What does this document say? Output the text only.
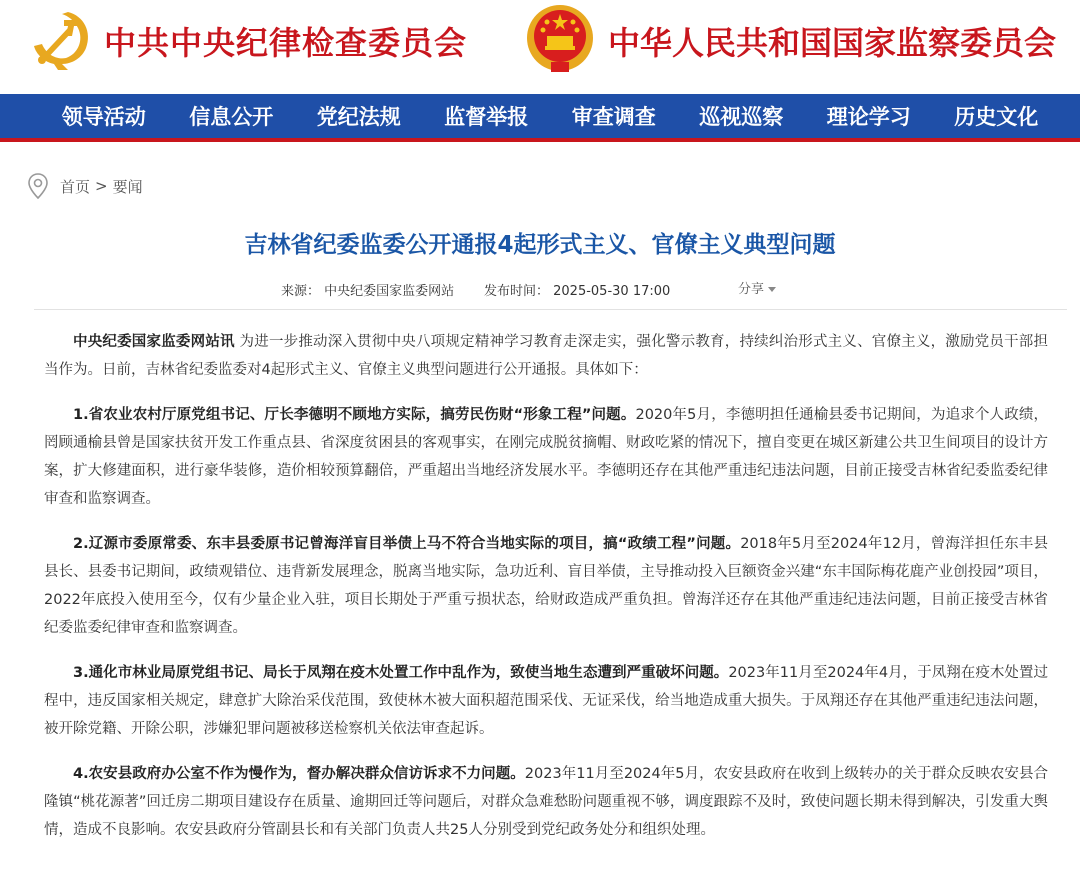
中共中央纪律检查委员会	中华人民共和国国家监察委员会
领导活动	信息公开	党纪法规	监督举报	审查调查	巡视巡察	理论学习	历史文化
首页 > 要闻
吉林省纪委监委公开通报4起形式主义、官僚主义典型问题
来源： 中央纪委国家监委网站 发布时间： 2025-05-30 17:00	分享

中央纪委国家监委网站讯 为进一步推动深入贯彻中央八项规定精神学习教育走深走实，强化警示教育，持续纠治形式主义、官僚主义，激励党员干部担当作为。日前，吉林省纪委监委对4起形式主义、官僚主义典型问题进行公开通报。具体如下：

1.省农业农村厅原党组书记、厅长李德明不顾地方实际，搞劳民伤财“形象工程”问题。2020年5月，李德明担任通榆县委书记期间，为追求个人政绩，罔顾通榆县曾是国家扶贫开发工作重点县、省深度贫困县的客观事实，在刚完成脱贫摘帽、财政吃紧的情况下，擅自变更在城区新建公共卫生间项目的设计方案，扩大修建面积，进行豪华装修，造价相较预算翻倍，严重超出当地经济发展水平。李德明还存在其他严重违纪违法问题，目前正接受吉林省纪委监委纪律审查和监察调查。

2.辽源市委原常委、东丰县委原书记曾海洋盲目举债上马不符合当地实际的项目，搞“政绩工程”问题。2018年5月至2024年12月，曾海洋担任东丰县县长、县委书记期间，政绩观错位、违背新发展理念，脱离当地实际，急功近利、盲目举债，主导推动投入巨额资金兴建“东丰国际梅花鹿产业创投园”项目，2022年底投入使用至今，仅有少量企业入驻，项目长期处于严重亏损状态，给财政造成严重负担。曾海洋还存在其他严重违纪违法问题，目前正接受吉林省纪委监委纪律审查和监察调查。

3.通化市林业局原党组书记、局长于凤翔在疫木处置工作中乱作为，致使当地生态遭到严重破坏问题。2023年11月至2024年4月，于凤翔在疫木处置过程中，违反国家相关规定，肆意扩大除治采伐范围，致使林木被大面积超范围采伐、无证采伐，给当地造成重大损失。于凤翔还存在其他严重违纪违法问题，被开除党籍、开除公职，涉嫌犯罪问题被移送检察机关依法审查起诉。

4.农安县政府办公室不作为慢作为，督办解决群众信访诉求不力问题。2023年11月至2024年5月，农安县政府在收到上级转办的关于群众反映农安县合隆镇“桃花源著”回迁房二期项目建设存在质量、逾期回迁等问题后，对群众急难愁盼问题重视不够，调度跟踪不及时，致使问题长期未得到解决，引发重大舆情，造成不良影响。农安县政府分管副县长和有关部门负责人共25人分别受到党纪政务处分和组织处理。
